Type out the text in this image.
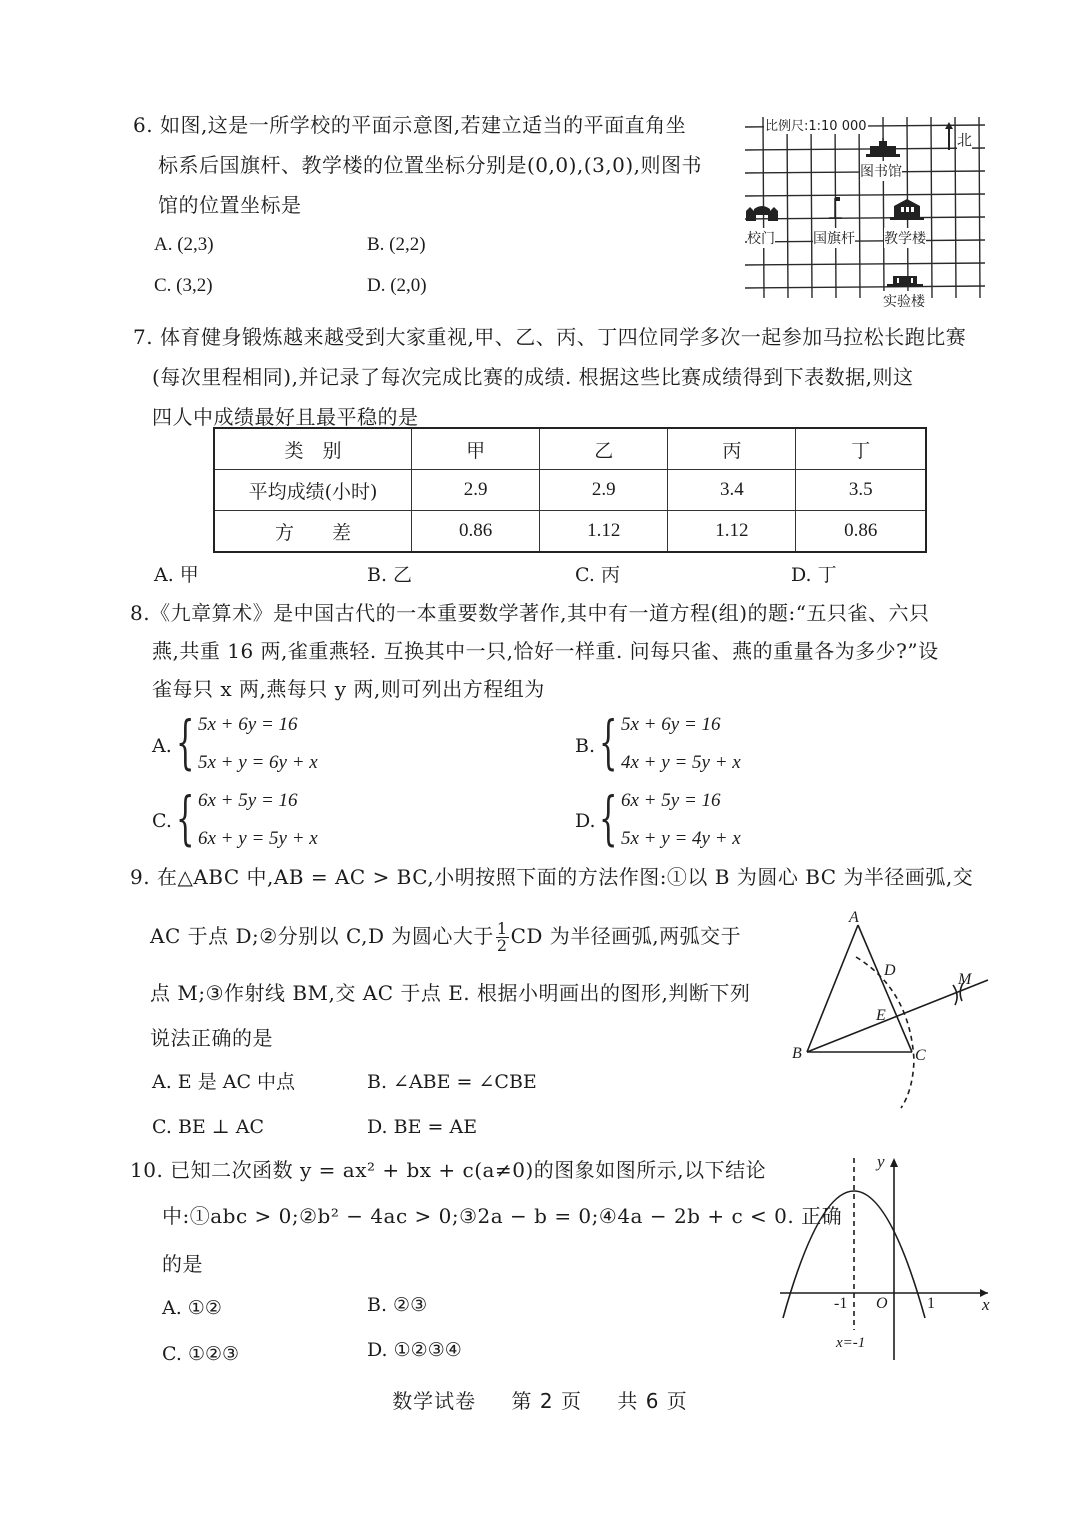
6. 如图,这是一所学校的平面示意图,若建立适当的平面直角坐
标系后国旗杆、教学楼的位置坐标分别是(0,0),(3,0),则图书
馆的位置坐标是
A. (2,3)	B. (2,2)
C. (3,2)	D. (2,0)
比例尺:1:10 000
北
图书馆
校门	国旗杆 教学楼
实验楼
7. 体育健身锻炼越来越受到大家重视,甲、乙、丙、丁四位同学多次一起参加马拉松长跑比赛
(每次里程相同),并记录了每次完成比赛的成绩. 根据这些比赛成绩得到下表数据,则这
四人中成绩最好且最平稳的是
类　别	甲	乙	丙	丁
平均成绩(小时)	2.9	2.9	3.4	3.5
方　　差	0.86	1.12	1.12	0.86
A. 甲	B. 乙	C. 丙	D. 丁
8.《九章算术》是中国古代的一本重要数学著作,其中有一道方程(组)的题:“五只雀、六只
燕,共重 16 两,雀重燕轻. 互换其中一只,恰好一样重. 问每只雀、燕的重量各为多少?”设
雀每只 x 两,燕每只 y 两,则可列出方程组为
A. { 5x + 6y = 16
5x + y = 6y + x
B. { 5x + 6y = 16
4x + y = 5y + x
C. { 6x + 5y = 16
6x + y = 5y + x
D. { 6x + 5y = 16
5x + y = 4y + x
9. 在△ABC 中,AB = AC > BC,小明按照下面的方法作图:①以 B 为圆心 BC 为半径画弧,交
AC 于点 D;②分别以 C,D 为圆心大于 $\frac{1}{2}$ CD 为半径画弧,两弧交于
点 M;③作射线 BM,交 AC 于点 E. 根据小明画出的图形,判断下列
说法正确的是
A. E 是 AC 中点	B. ∠ABE = ∠CBE
C. BE ⊥ AC	D. BE = AE
A
D
E
M
B	C
10. 已知二次函数 y = ax² + bx + c(a≠0)的图象如图所示,以下结论
中:①abc > 0;②b² − 4ac > 0;③2a − b = 0;④4a − 2b + c < 0. 正确
的是
A. ①②	B. ②③
C. ①②③	D. ①②③④
y
x
O
-1	1
x=-1
数学试卷 第 2 页 共 6 页
